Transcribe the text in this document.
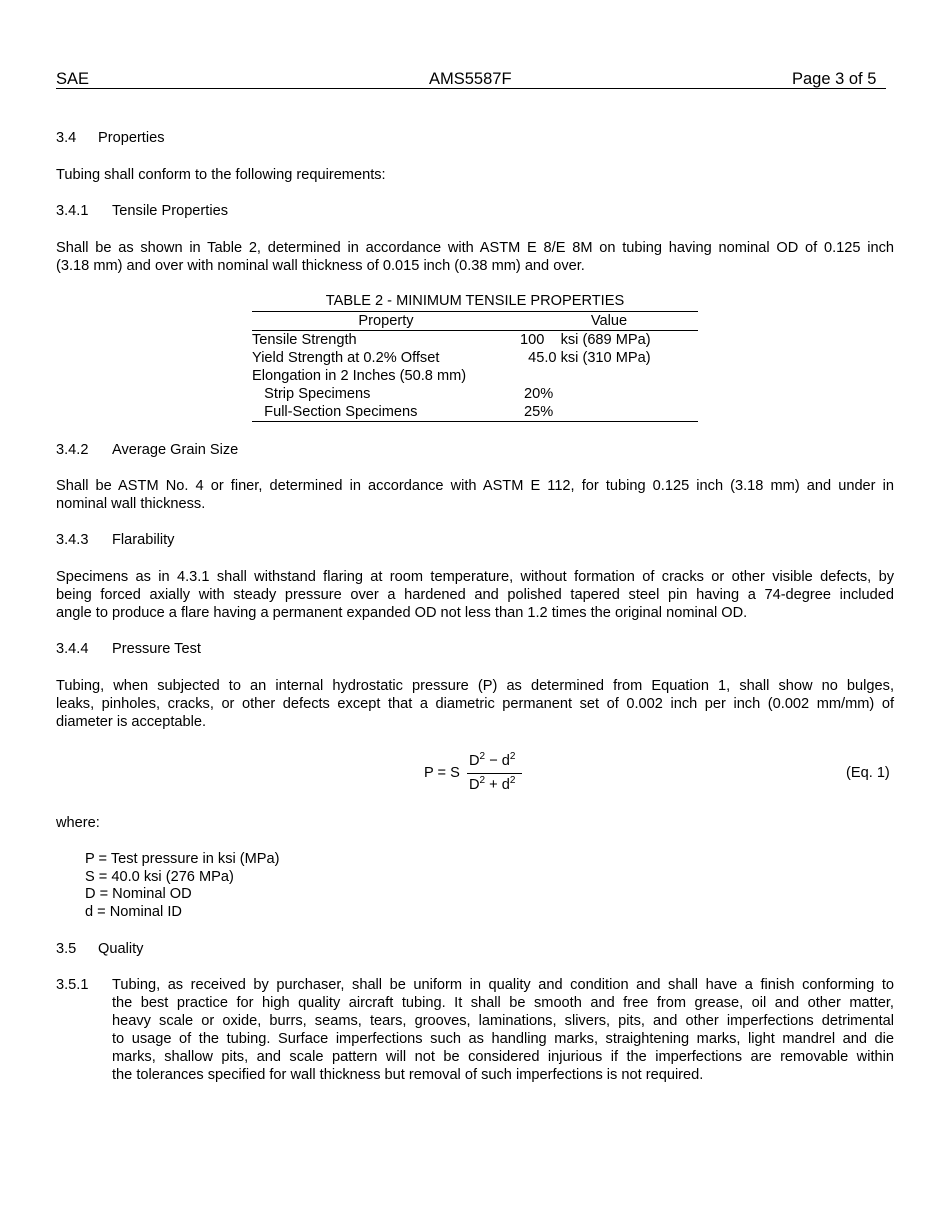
SAE	AMS5587F	Page 3 of 5
3.4 Properties
Tubing shall conform to the following requirements:
3.4.1 Tensile Properties
Shall be as shown in Table 2, determined in accordance with ASTM E 8/E 8M on tubing having nominal OD of 0.125 inch
(3.18 mm) and over with nominal wall thickness of 0.015 inch (0.38 mm) and over.
TABLE 2 - MINIMUM TENSILE PROPERTIES
Property	Value
Tensile Strength	100    ksi (689 MPa)
Yield Strength at 0.2% Offset	45.0 ksi (310 MPa)
Elongation in 2 Inches (50.8 mm)
Strip Specimens	20%
Full-Section Specimens	25%
3.4.2 Average Grain Size
Shall be ASTM No. 4 or finer, determined in accordance with ASTM E 112, for tubing 0.125 inch (3.18 mm) and under in
nominal wall thickness.
3.4.3 Flarability
Specimens as in 4.3.1 shall withstand flaring at room temperature, without formation of cracks or other visible defects, by
being forced axially with steady pressure over a hardened and polished tapered steel pin having a 74-degree included
angle to produce a flare having a permanent expanded OD not less than 1.2 times the original nominal OD.
3.4.4 Pressure Test
Tubing, when subjected to an internal hydrostatic pressure (P) as determined from Equation 1, shall show no bulges,
leaks, pinholes, cracks, or other defects except that a diametric permanent set of 0.002 inch per inch (0.002 mm/mm) of
diameter is acceptable.
P = S
$D^2 - d^2$
$D^2 + d^2$	(Eq. 1)
where:
P = Test pressure in ksi (MPa)
S = 40.0 ksi (276 MPa)
D = Nominal OD
d = Nominal ID
3.5 Quality
3.5.1 Tubing, as received by purchaser, shall be uniform in quality and condition and shall have a finish conforming to
the best practice for high quality aircraft tubing. It shall be smooth and free from grease, oil and other matter,
heavy scale or oxide, burrs, seams, tears, grooves, laminations, slivers, pits, and other imperfections detrimental
to usage of the tubing. Surface imperfections such as handling marks, straightening marks, light mandrel and die
marks, shallow pits, and scale pattern will not be considered injurious if the imperfections are removable within
the tolerances specified for wall thickness but removal of such imperfections is not required.
